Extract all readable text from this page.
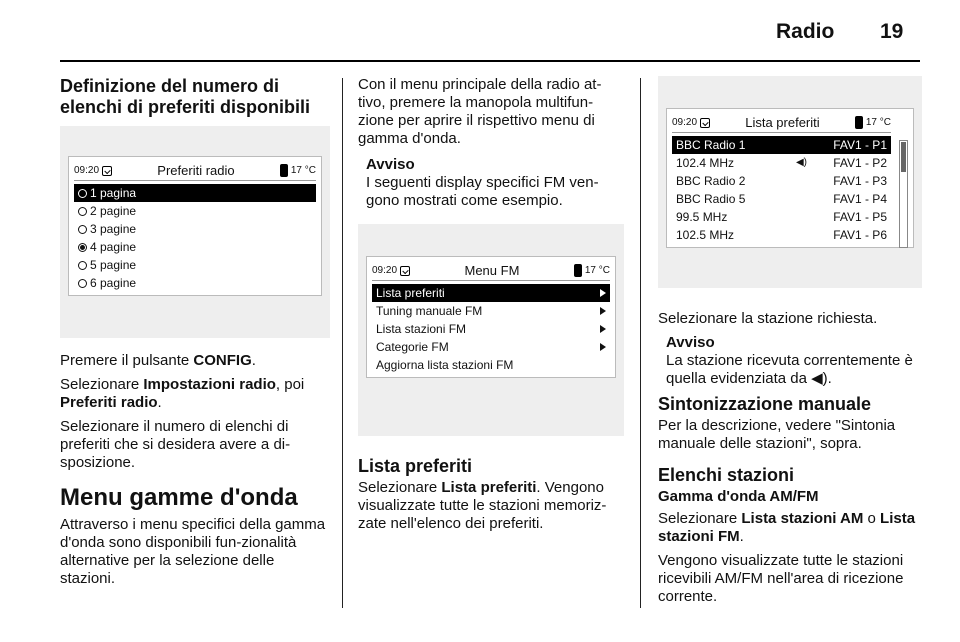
Radio 19
Definizione del numero di elenchi di preferiti disponibili
09:20	Preferiti radio	17 °C
1 pagina
2 pagine
3 pagine
4 pagine
5 pagine
6 pagine

Premere il pulsante CONFIG.

Selezionare Impostazioni radio, poi
Preferiti radio.

Selezionare il numero di elenchi di preferiti che si desidera avere a di-sposizione.

Menu gamme d'onda

Attraverso i menu specifici della gamma d'onda sono disponibili fun-zionalità alternative per la selezione delle stazioni.

Con il menu principale della radio at-tivo, premere la manopola multifun-zione per aprire il rispettivo menu di gamma d'onda.

Avviso
I seguenti display specifici FM ven-gono mostrati come esempio.
09:20	Menu FM	17 °C
Lista preferiti
Tuning manuale FM
Lista stazioni FM
Categorie FM
Aggiorna lista stazioni FM
Lista preferiti

Selezionare Lista preferiti. Vengono visualizzate tutte le stazioni memoriz-zate nell'elenco dei preferiti.

09:20	Lista preferiti	17 °C
BBC Radio 1	FAV1 - P1
102.4 MHz	◀)	FAV1 - P2
BBC Radio 2	FAV1 - P3
BBC Radio 5	FAV1 - P4
99.5 MHz	FAV1 - P5
102.5 MHz	FAV1 - P6

Selezionare la stazione richiesta.

Avviso
La stazione ricevuta correntemente è quella evidenziata da ◀).
Sintonizzazione manuale

Per la descrizione, vedere "Sintonia manuale delle stazioni", sopra.

Elenchi stazioni
Gamma d'onda AM/FM

Selezionare Lista stazioni AM o Lista stazioni FM.

Vengono visualizzate tutte le stazioni ricevibili AM/FM nell'area di ricezione corrente.
